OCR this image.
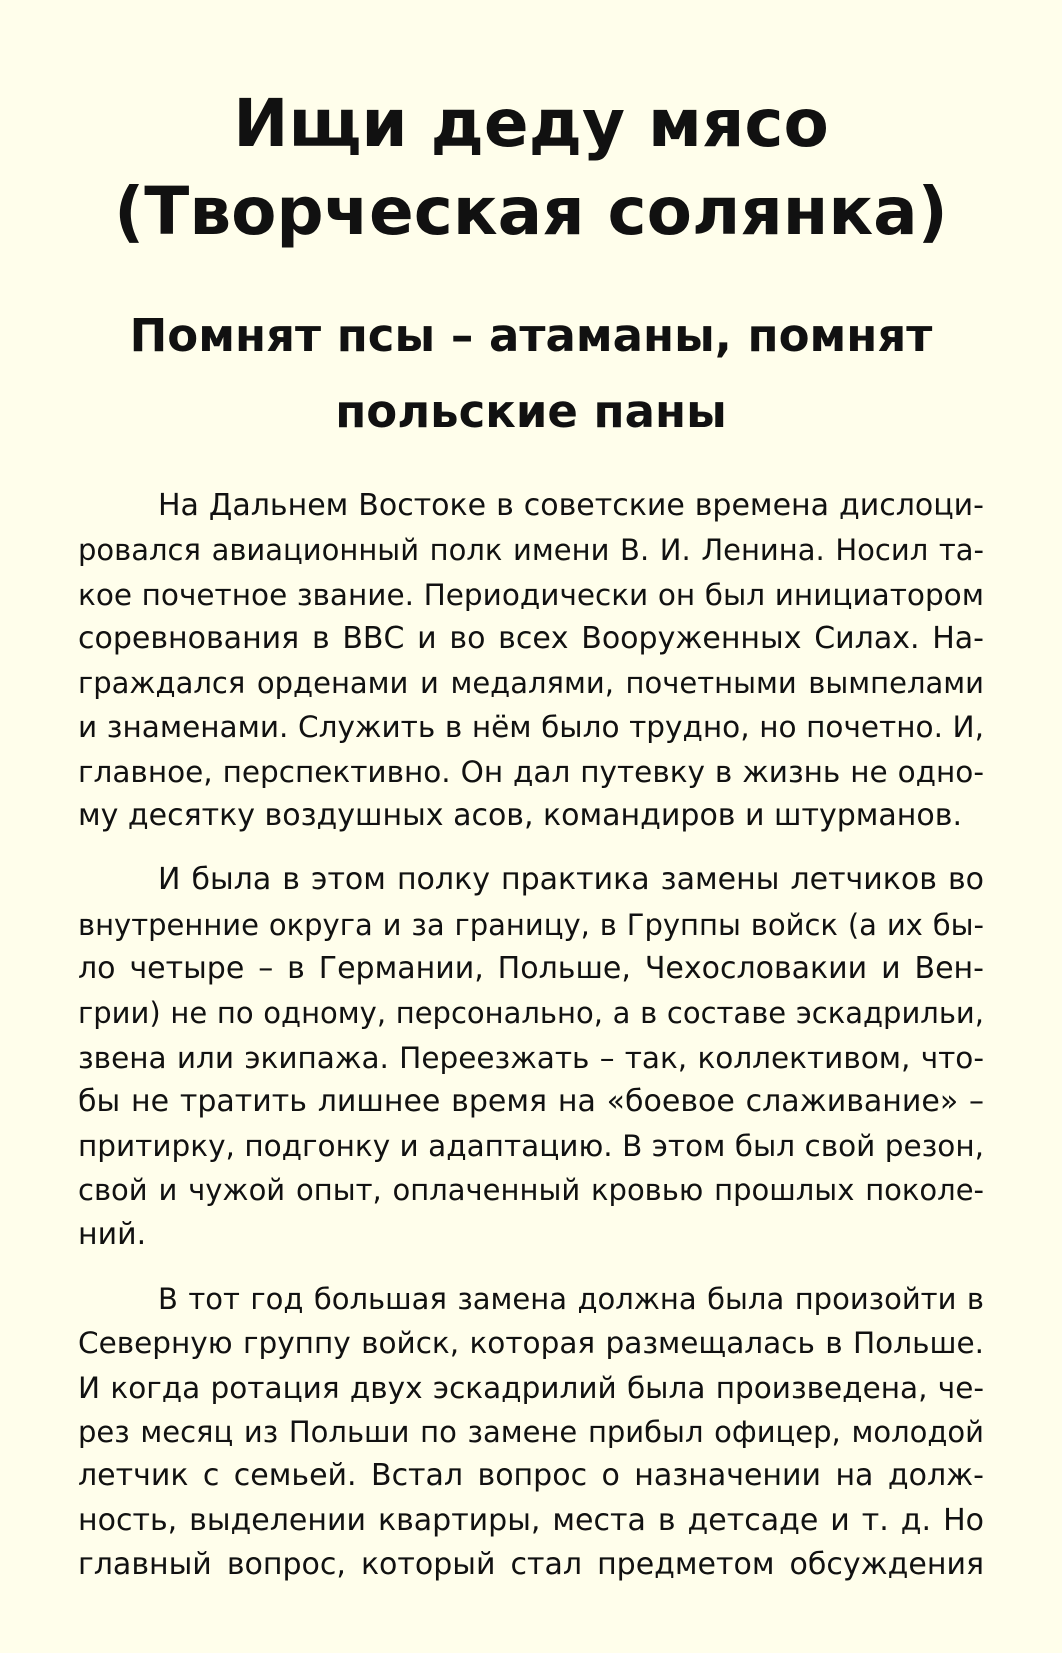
Ищи деду мясо
(Творческая солянка)
Помнят псы – атаманы, помнят
польские паны

На Дальнем Востоке в советские времена дислоци-
ровался авиационный полк имени В. И. Ленина. Носил та-
кое почетное звание. Периодически он был инициатором
соревнования в ВВС и во всех Вооруженных Силах. На-
граждался орденами и медалями, почетными вымпелами
и знаменами. Служить в нём было трудно, но почетно. И,
главное, перспективно. Он дал путевку в жизнь не одно-
му десятку воздушных асов, командиров и штурманов.

И была в этом полку практика замены летчиков во
внутренние округа и за границу, в Группы войск (а их бы-
ло четыре – в Германии, Польше, Чехословакии и Вен-
грии) не по одному, персонально, а в составе эскадрильи,
звена или экипажа. Переезжать – так, коллективом, что-
бы не тратить лишнее время на «боевое слаживание» –
притирку, подгонку и адаптацию. В этом был свой резон,
свой и чужой опыт, оплаченный кровью прошлых поколе-
ний.

В тот год большая замена должна была произойти в
Северную группу войск, которая размещалась в Польше.
И когда ротация двух эскадрилий была произведена, че-
рез месяц из Польши по замене прибыл офицер, молодой
летчик с семьей. Встал вопрос о назначении на долж-
ность, выделении квартиры, места в детсаде и т. д. Но
главный вопрос, который стал предметом обсуждения
